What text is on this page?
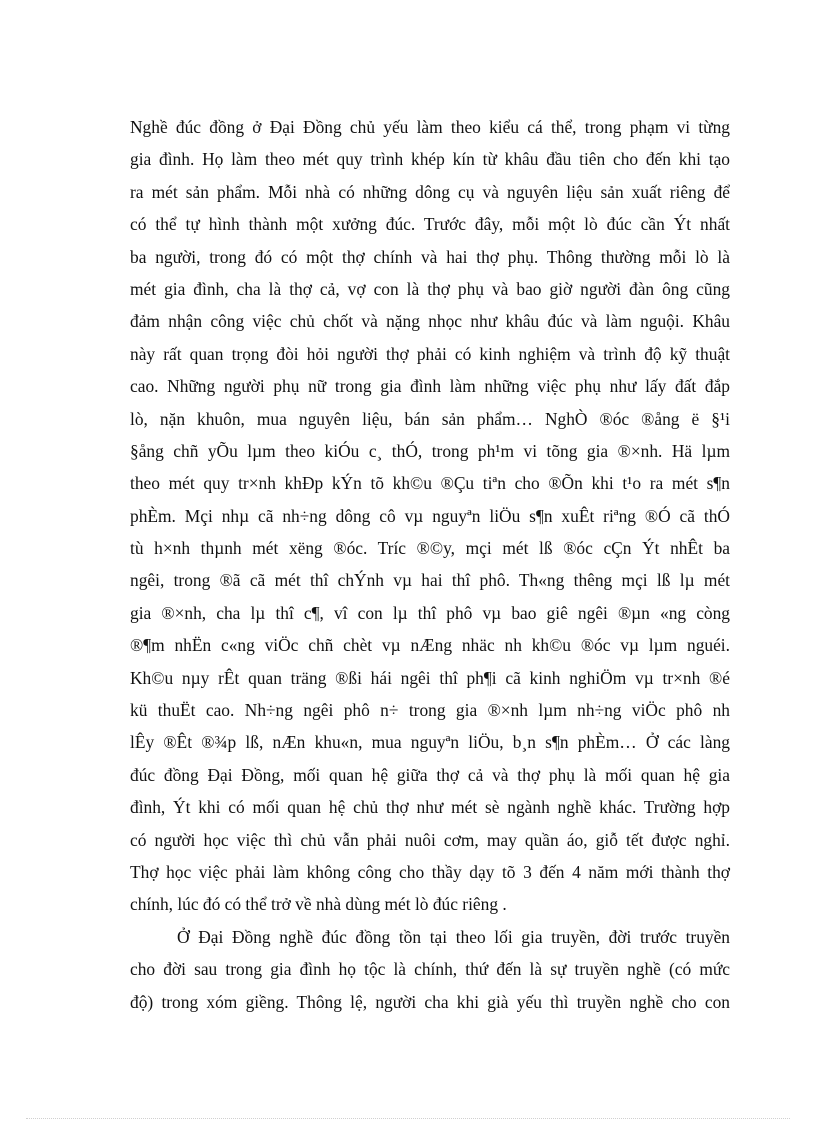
Nghề đúc đồng ở Đại Đồng chủ yếu làm theo kiểu cá thể, trong phạm vi từng
gia đình. Họ làm theo mét quy trình khép kín từ khâu đầu tiên cho đến khi tạo
ra mét sản phẩm. Mỗi nhà có những dông cụ và nguyên liệu sản xuất riêng để
có thể tự hình thành một xưởng đúc. Trước đây, mỗi một lò đúc cần Ýt nhất
ba người, trong đó có một thợ chính và hai thợ phụ. Thông thường mỗi lò là
mét gia đình, cha là thợ cả, vợ con là thợ phụ và bao giờ người đàn ông cũng
đảm nhận công việc chủ chốt và nặng nhọc như khâu đúc và làm nguội. Khâu
này rất quan trọng đòi hỏi người thợ phải có kinh nghiệm và trình độ kỹ thuật
cao. Những người phụ nữ trong gia đình làm những việc phụ như lấy đất đắp
lò, nặn khuôn, mua nguyên liệu, bán sản phẩm… NghÒ ®óc ®ång ë §¹i
§ång chñ yÕu lµm theo kiÓu c¸ thÓ, trong ph¹m vi tõng gia ®×nh. Hä lµm
theo mét quy tr×nh khÐp kÝn tõ kh©u ®Çu tiªn cho ®Õn khi t¹o ra mét s¶n
phÈm. Mçi nhµ cã nh÷ng dông cô vµ nguyªn liÖu s¶n xuÊt riªng ®Ó cã thÓ
tù h×nh thµnh mét xëng ®óc. Tríc ®©y, mçi mét lß ®óc cÇn Ýt nhÊt ba
ngêi, trong ®ã cã mét thî chÝnh vµ hai thî phô. Th«ng thêng mçi lß lµ mét
gia ®×nh, cha lµ thî c¶, vî con lµ thî phô vµ bao giê ngêi ®µn «ng còng
®¶m nhËn c«ng viÖc chñ chèt vµ nÆng nhäc nh kh©u ®óc vµ lµm nguéi.
Kh©u nµy rÊt quan träng ®ßi hái ngêi thî ph¶i cã kinh nghiÖm vµ tr×nh ®é
kü thuËt cao. Nh÷ng ngêi phô n÷ trong gia ®×nh lµm nh÷ng viÖc phô nh
lÊy ®Êt ®¾p lß, nÆn khu«n, mua nguyªn liÖu, b¸n s¶n phÈm… Ở các làng
đúc đồng Đại Đồng, mối quan hệ giữa thợ cả và thợ phụ là mối quan hệ gia
đình, Ýt khi có mối quan hệ chủ thợ như mét sè ngành nghề khác. Trường hợp
có người học việc thì chủ vẫn phải nuôi cơm, may quần áo, giỗ tết được nghỉ.
Thợ học việc phải làm không công cho thầy dạy tõ 3 đến 4 năm mới thành thợ
chính, lúc đó có thể trở về nhà dùng mét lò đúc riêng .
Ở Đại Đồng nghề đúc đồng tồn tại theo lối gia truyền, đời trước truyền
cho đời sau trong gia đình họ tộc là chính, thứ đến là sự truyền nghề (có mức
độ) trong xóm giềng. Thông lệ, người cha khi già yếu thì truyền nghề cho con
